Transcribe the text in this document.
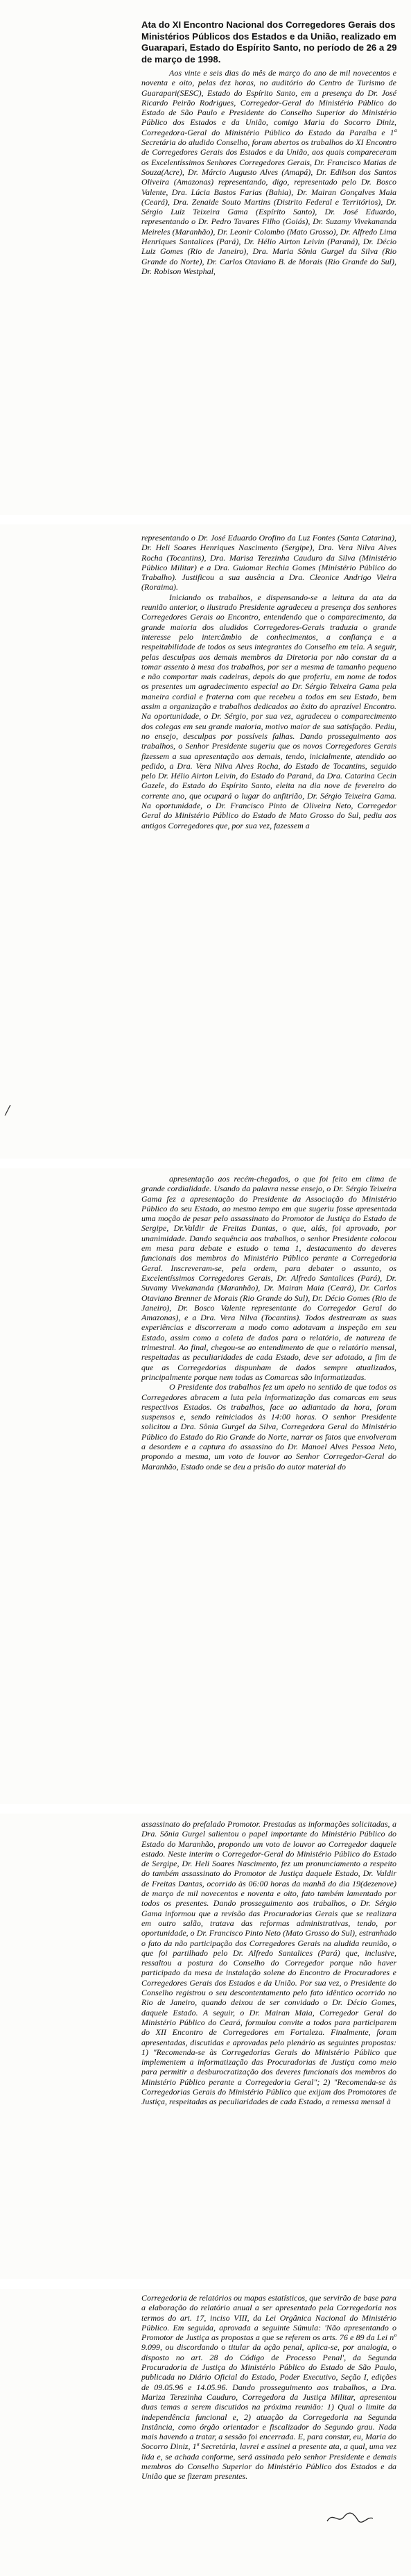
Ata do XI Encontro Nacional dos Corregedores Gerais dos Ministérios Públicos dos Estados e da União, realizado em Guarapari, Estado do Espírito Santo, no período de 26 a 29 de março de 1998.

Aos vinte e seis dias do mês de março do ano de mil novecentos e noventa e oito, pelas dez horas, no auditório do Centro de Turismo de Guarapari(SESC), Estado do Espírito Santo, em a presença do Dr. José Ricardo Peirão Rodrigues, Corregedor-Geral do Ministério Público do Estado de São Paulo e Presidente do Conselho Superior do Ministério Público dos Estados e da União, comigo Maria do Socorro Diniz, Corregedora-Geral do Ministério Público do Estado da Paraíba e 1ª Secretária do aludido Conselho, foram abertos os trabalhos do XI Encontro de Corregedores Gerais dos Estados e da União, aos quais compareceram os Excelentíssimos Senhores Corregedores Gerais, Dr. Francisco Matias de Souza(Acre), Dr. Márcio Augusto Alves (Amapá), Dr. Edilson dos Santos Oliveira (Amazonas) representando, digo, representado pelo Dr. Bosco Valente, Dra. Lúcia Bastos Farias (Bahia), Dr. Mairan Gonçalves Maia (Ceará), Dra. Zenaide Souto Martins (Distrito Federal e Territórios), Dr. Sérgio Luiz Teixeira Gama (Espírito Santo), Dr. José Eduardo, representando o Dr. Pedro Tavares Filho (Goiás), Dr. Suzamy Vivekananda Meireles (Maranhão), Dr. Leonir Colombo (Mato Grosso), Dr. Alfredo Lima Henriques Santalices (Pará), Dr. Hélio Airton Leivin (Paraná), Dr. Décio Luiz Gomes (Rio de Janeiro), Dra. Maria Sônia Gurgel da Silva (Rio Grande do Norte), Dr. Carlos Otaviano B. de Morais (Rio Grande do Sul), Dr. Robison Westphal,

representando o Dr. José Eduardo Orofino da Luz Fontes (Santa Catarina), Dr. Heli Soares Henriques Nascimento (Sergipe), Dra. Vera Nilva Alves Rocha (Tocantins), Dra. Marisa Terezinha Cauduro da Silva (Ministério Público Militar) e a Dra. Guiomar Rechia Gomes (Ministério Público do Trabalho). Justificou a sua ausência a Dra. Cleonice Andrigo Vieira (Roraima).

Iniciando os trabalhos, e dispensando-se a leitura da ata da reunião anterior, o ilustrado Presidente agradeceu a presença dos senhores Corregedores Gerais ao Encontro, entendendo que o comparecimento, da grande maioria dos aludidos Corregedores-Gerais traduzia o grande interesse pelo intercâmbio de conhecimentos, a confiança e a respeitabilidade de todos os seus integrantes do Conselho em tela. A seguir, pelas desculpas aos demais membros da Diretoria por não constar da a tomar assento à mesa dos trabalhos, por ser a mesma de tamanho pequeno e não comportar mais cadeiras, depois do que proferiu, em nome de todos os presentes um agradecimento especial ao Dr. Sérgio Teixeira Gama pela maneira cordial e fraterna com que recebeu a todos em seu Estado, bem assim a organização e trabalhos dedicados ao êxito do aprazível Encontro. Na oportunidade, o Dr. Sérgio, por sua vez, agradeceu o comparecimento dos colegas em seu grande maioria, motivo maior de sua satisfação. Pediu, no ensejo, desculpas por possíveis falhas. Dando prosseguimento aos trabalhos, o Senhor Presidente sugeriu que os novos Corregedores Gerais fizessem a sua apresentação aos demais, tendo, inicialmente, atendido ao pedido, a Dra. Vera Nilva Alves Rocha, do Estado de Tocantins, seguido pelo Dr. Hélio Airton Leivin, do Estado do Paraná, da Dra. Catarina Cecin Gazele, do Estado do Espírito Santo, eleita na dia nove de fevereiro do corrente ano, que ocupará o lugar do anfitrião, Dr. Sérgio Teixeira Gama. Na oportunidade, o Dr. Francisco Pinto de Oliveira Neto, Corregedor Geral do Ministério Público do Estado de Mato Grosso do Sul, pediu aos antigos Corregedores que, por sua vez, fazessem a

/

apresentação aos recém-chegados, o que foi feito em clima de grande cordialidade. Usando da palavra nesse ensejo, o Dr. Sérgio Teixeira Gama fez a apresentação do Presidente da Associação do Ministério Público do seu Estado, ao mesmo tempo em que sugeriu fosse apresentada uma moção de pesar pelo assassinato do Promotor de Justiça do Estado de Sergipe, Dr.Valdir de Freitas Dantas, o que, alás, foi aprovado, por unanimidade. Dando sequência aos trabalhos, o senhor Presidente colocou em mesa para debate e estudo o tema 1, destacamento do deveres funcionais dos membros do Ministério Público perante a Corregedoria Geral. Inscreveram-se, pela ordem, para debater o assunto, os Excelentíssimos Corregedores Gerais, Dr. Alfredo Santalices (Pará), Dr. Suvamy Vivekananda (Maranhão), Dr. Mairan Maia (Ceará), Dr. Carlos Otaviano Brenner de Morais (Rio Grande do Sul), Dr. Décio Gomes (Rio de Janeiro), Dr. Bosco Valente representante do Corregedor Geral do Amazonas), e a Dra. Vera Nilva (Tocantins). Todos destrearam as suas experiências e discorreram a modo como adotavam a inspeção em seu Estado, assim como a coleta de dados para o relatório, de natureza de trimestral. Ao final, chegou-se ao entendimento de que o relatório mensal, respeitadas as peculiaridades de cada Estado, deve ser adotado, a fim de que as Corregedorias dispunham de dados sempre atualizados, principalmente porque nem todas as Comarcas são informatizadas.

O Presidente dos trabalhos fez um apelo no sentido de que todos os Corregedores abracem a luta pela informatização das comarcas em seus respectivos Estados. Os trabalhos, face ao adiantado da hora, foram suspensos e, sendo reiniciados às 14:00 horas. O senhor Presidente solicitou a Dra. Sônia Gurgel da Silva, Corregedora Geral do Ministério Público do Estado do Rio Grande do Norte, narrar os fatos que envolveram a desordem e a captura do assassino do Dr. Manoel Alves Pessoa Neto, propondo a mesma, um voto de louvor ao Senhor Corregedor-Geral do Maranhão, Estado onde se deu a prisão do autor material do

assassinato do prefalado Promotor. Prestadas as informações solicitadas, a Dra. Sônia Gurgel salientou o papel importante do Ministério Público do Estado do Maranhão, propondo um voto de louvor ao Corregedor daquele estado. Neste interim o Corregedor-Geral do Ministério Público do Estado de Sergipe, Dr. Heli Soares Nascimento, fez um pronunciamento a respeito do também assassinato do Promotor de Justiça daquele Estado, Dr. Valdir de Freitas Dantas, ocorrido às 06:00 horas da manhã do dia 19(dezenove) de março de mil novecentos e noventa e oito, fato também lamentado por todos os presentes. Dando prosseguimento aos trabalhos, o Dr. Sérgio Gama informou que a revisão das Procuradorias Gerais que se realizara em outro salão, tratava das reformas administrativas, tendo, por oportunidade, o Dr. Francisco Pinto Neto (Mato Grosso do Sul), estranhado o fato da não participação dos Corregedores Gerais na aludida reunião, o que foi partilhado pelo Dr. Alfredo Santalices (Pará) que, inclusive, ressaltou a postura do Conselho do Corregedor porque não haver participado da mesa de instalação solene do Encontro de Procuradores e Corregedores Gerais dos Estados e da União. Por sua vez, o Presidente do Conselho registrou o seu descontentamento pelo fato idêntico ocorrido no Rio de Janeiro, quando deixou de ser convidado o Dr. Décio Gomes, daquele Estado. A seguir, o Dr. Mairan Maia, Corregedor Geral do Ministério Público do Ceará, formulou convite a todos para participarem do XII Encontro de Corregedores em Fortaleza. Finalmente, foram apresentadas, discutidas e aprovadas pelo plenário as seguintes propostas: 1) "Recomenda-se às Corregedorias Gerais do Ministério Público que implementem a informatização das Procuradorias de Justiça como meio para permitir a desburocratização dos deveres funcionais dos membros do Ministério Público perante a Corregedoria Geral"; 2) "Recomenda-se às Corregedorias Gerais do Ministério Público que exijam dos Promotores de Justiça, respeitadas as peculiaridades de cada Estado, a remessa mensal à

Corregedoria de relatórios ou mapas estatísticos, que servirão de base para a elaboração do relatório anual a ser apresentado pela Corregedoria nos termos do art. 17, inciso VIII, da Lei Orgânica Nacional do Ministério Público. Em seguida, aprovada a seguinte Súmula: 'Não apresentando o Promotor de Justiça as propostas a que se referem os arts. 76 e 89 da Lei nº 9.099, ou discordando o titular da ação penal, aplica-se, por analogia, o disposto no art. 28 do Código de Processo Penal', da Segunda Procuradoria de Justiça do Ministério Público do Estado de São Paulo, publicada no Diário Oficial do Estado, Poder Executivo, Seção I, edições de 09.05.96 e 14.05.96. Dando prosseguimento aos trabalhos, a Dra. Mariza Terezinha Cauduro, Corregedora da Justiça Militar, apresentou duas temas a serem discutidos na próxima reunião: 1) Qual o limite da independência funcional e, 2) atuação da Corregedoria na Segunda Instância, como órgão orientador e fiscalizador do Segundo grau. Nada mais havendo a tratar, a sessão foi encerrada. E, para constar, eu, Maria do Socorro Diniz, 1ª Secretária, lavrei e assinei a presente ata, a qual, uma vez lida e, se achada conforme, será assinada pelo senhor Presidente e demais membros do Conselho Superior do Ministério Público dos Estados e da União que se fizeram presentes.
